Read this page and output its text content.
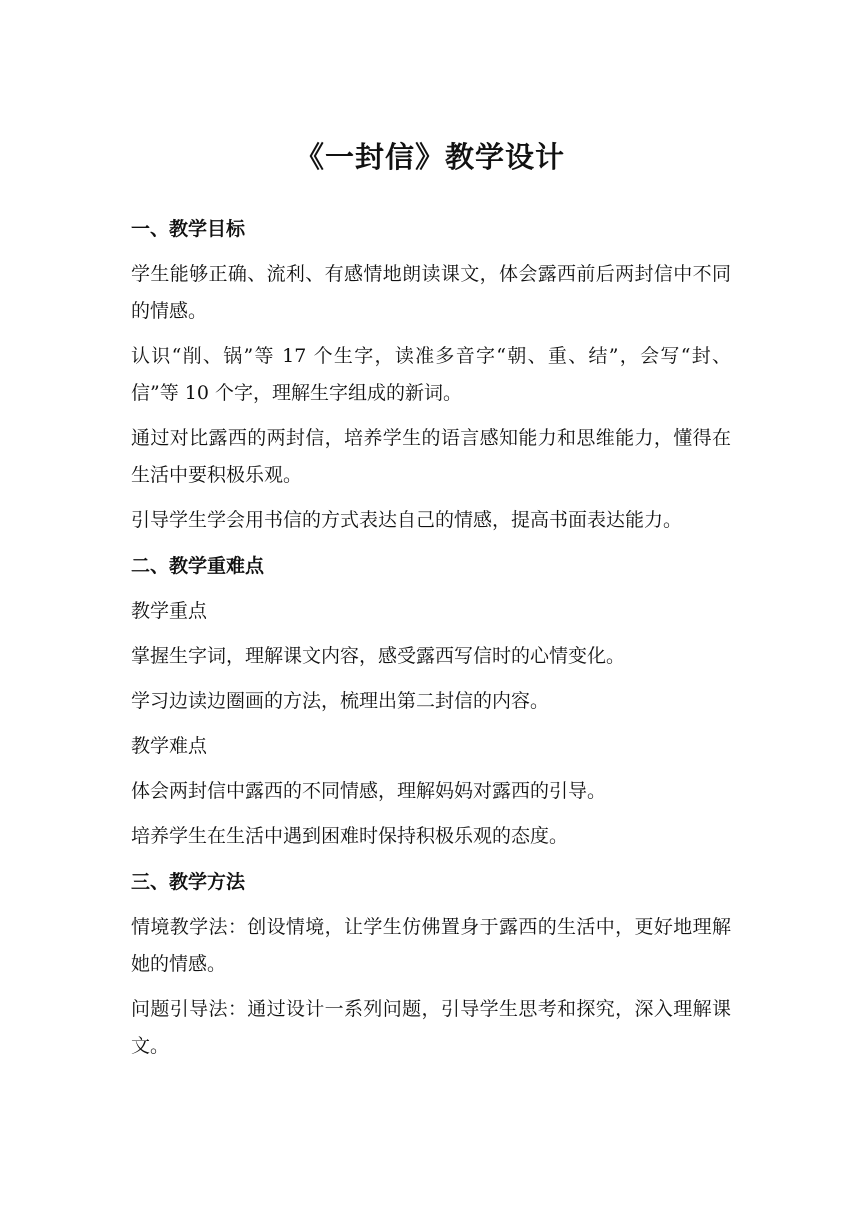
《一封信》教学设计
一、教学目标

学生能够正确、流利、有感情地朗读课文，体会露西前后两封信中不同的情感。

认识“削、锅”等 17 个生字，读准多音字“朝、重、结”，会写“封、信”等 10 个字，理解生字组成的新词。

通过对比露西的两封信，培养学生的语言感知能力和思维能力，懂得在生活中要积极乐观。

引导学生学会用书信的方式表达自己的情感，提高书面表达能力。

二、教学重难点

教学重点

掌握生字词，理解课文内容，感受露西写信时的心情变化。

学习边读边圈画的方法，梳理出第二封信的内容。

教学难点

体会两封信中露西的不同情感，理解妈妈对露西的引导。

培养学生在生活中遇到困难时保持积极乐观的态度。

三、教学方法

情境教学法：创设情境，让学生仿佛置身于露西的生活中，更好地理解她的情感。

问题引导法：通过设计一系列问题，引导学生思考和探究，深入理解课文。
